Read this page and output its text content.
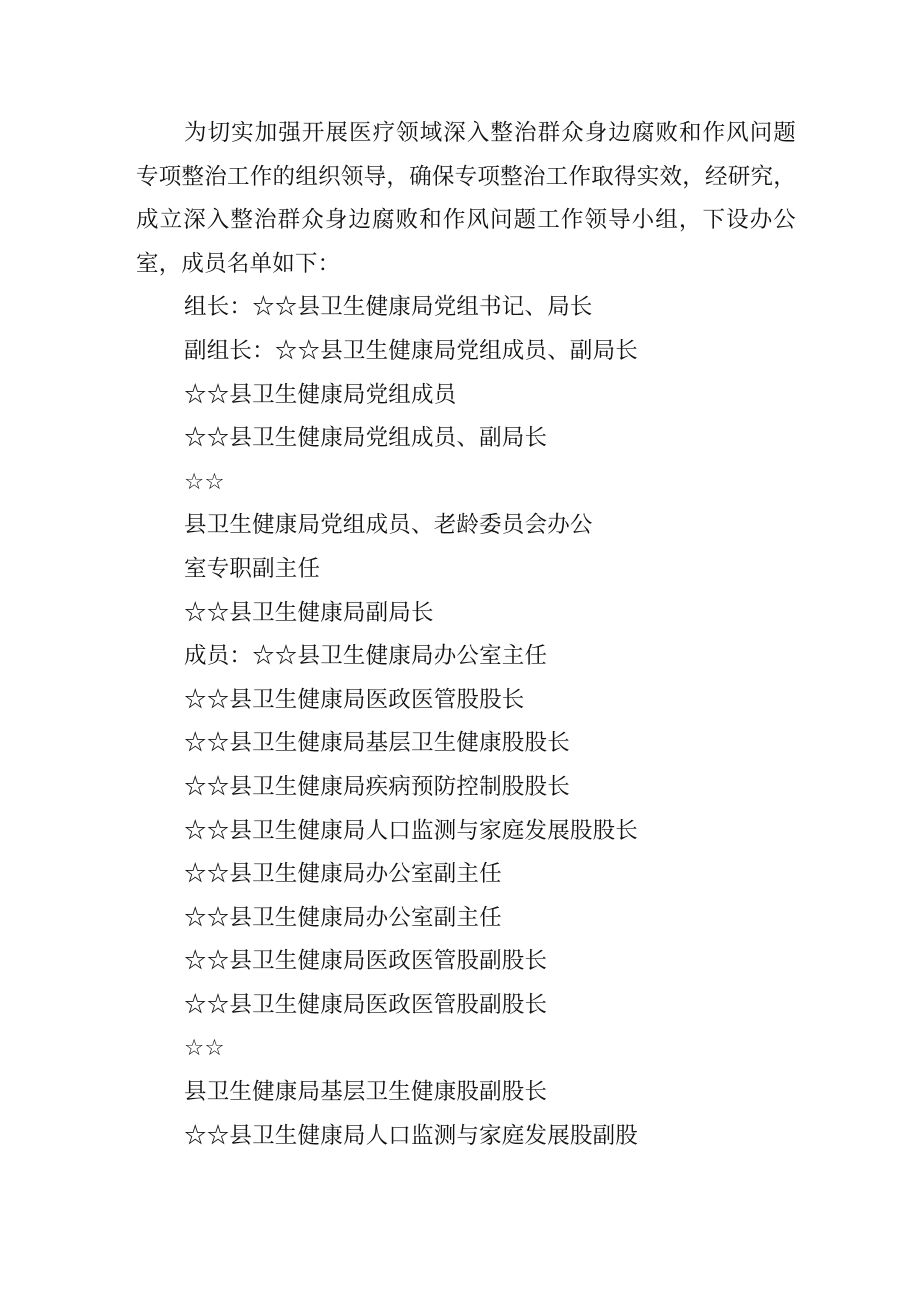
为切实加强开展医疗领域深入整治群众身边腐败和作风问题专项整治工作的组织领导，确保专项整治工作取得实效，经研究，成立深入整治群众身边腐败和作风问题工作领导小组，下设办公室，成员名单如下：

组长：☆☆县卫生健康局党组书记、局长

副组长：☆☆县卫生健康局党组成员、副局长

☆☆县卫生健康局党组成员

☆☆县卫生健康局党组成员、副局长

☆☆

县卫生健康局党组成员、老龄委员会办公

室专职副主任

☆☆县卫生健康局副局长

成员：☆☆县卫生健康局办公室主任

☆☆县卫生健康局医政医管股股长

☆☆县卫生健康局基层卫生健康股股长

☆☆县卫生健康局疾病预防控制股股长

☆☆县卫生健康局人口监测与家庭发展股股长

☆☆县卫生健康局办公室副主任

☆☆县卫生健康局办公室副主任

☆☆县卫生健康局医政医管股副股长

☆☆县卫生健康局医政医管股副股长

☆☆

县卫生健康局基层卫生健康股副股长

☆☆县卫生健康局人口监测与家庭发展股副股
